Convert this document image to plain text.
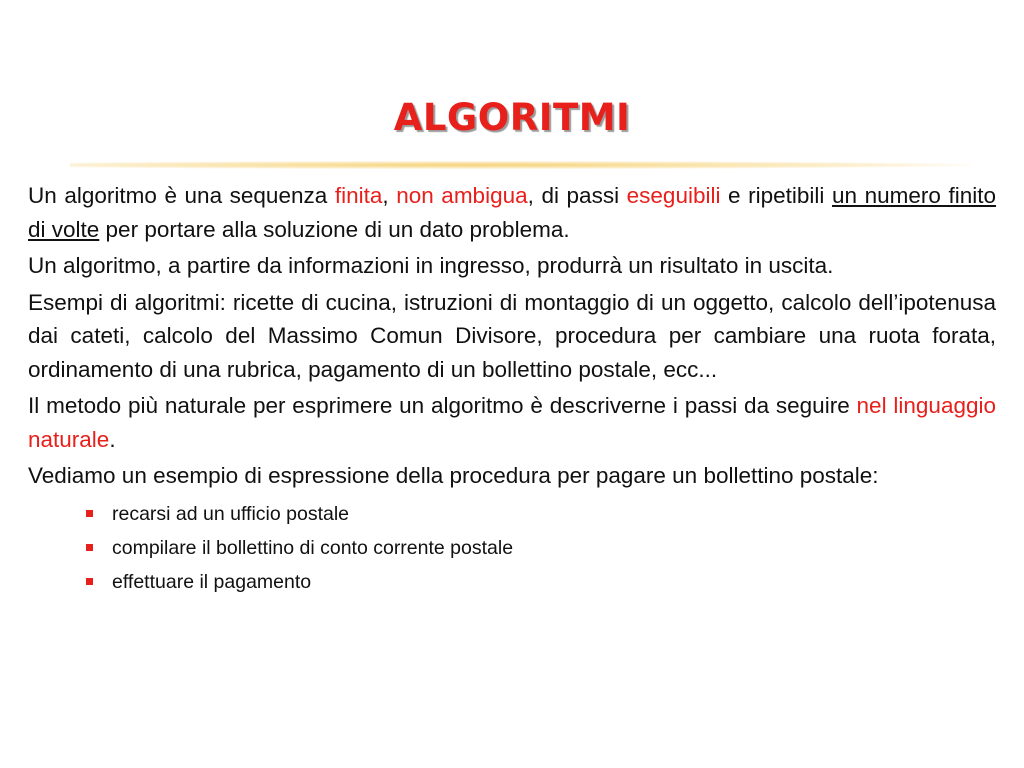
ALGORITMI

Un algoritmo è una sequenza finita, non ambigua, di passi eseguibili e ripetibili un numero finito di volte per portare alla soluzione di un dato problema.

Un algoritmo, a partire da informazioni in ingresso, produrrà un risultato in uscita.

Esempi di algoritmi: ricette di cucina, istruzioni di montaggio di un oggetto, calcolo dell’ipotenusa dai cateti, calcolo del Massimo Comun Divisore, procedura per cambiare una ruota forata, ordinamento di una rubrica, pagamento di un bollettino postale, ecc...

Il metodo più naturale per esprimere un algoritmo è descriverne i passi da seguire nel linguaggio naturale.

Vediamo un esempio di espressione della procedura per pagare un bollettino postale:

recarsi ad un ufficio postale
compilare il bollettino di conto corrente postale
effettuare il pagamento
